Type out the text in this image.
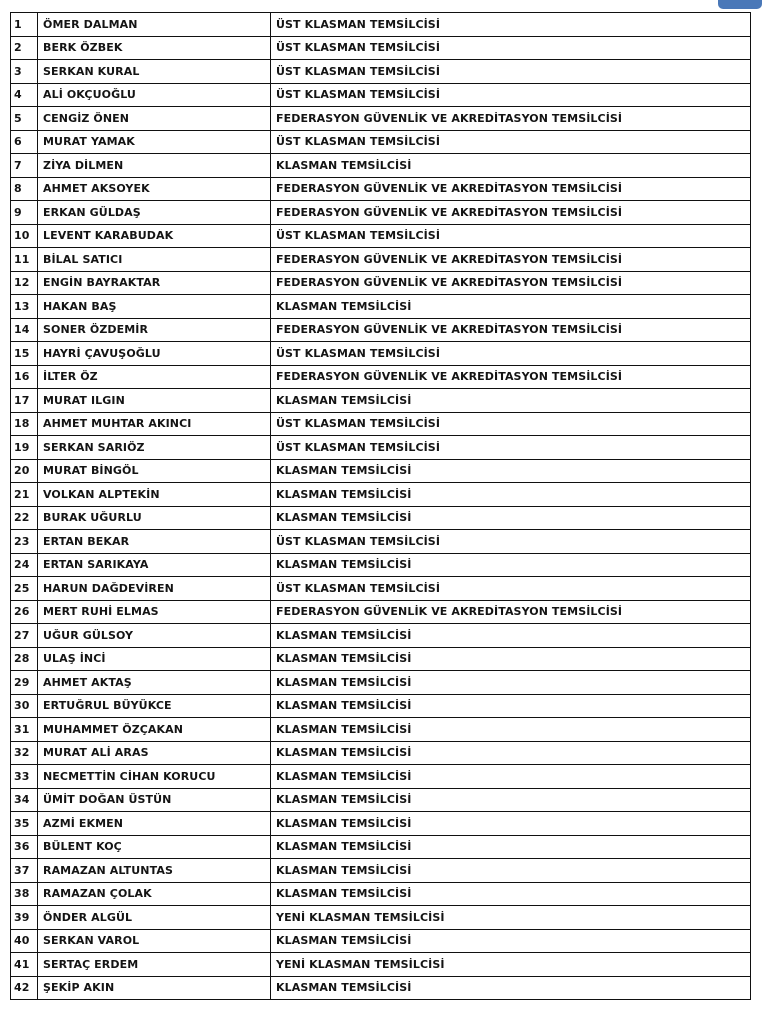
1	ÖMER DALMAN	ÜST KLASMAN TEMSİLCİSİ
2	BERK ÖZBEK	ÜST KLASMAN TEMSİLCİSİ
3	SERKAN KURAL	ÜST KLASMAN TEMSİLCİSİ
4	ALİ OKÇUOĞLU	ÜST KLASMAN TEMSİLCİSİ
5	CENGİZ ÖNEN	FEDERASYON GÜVENLİK VE AKREDİTASYON TEMSİLCİSİ
6	MURAT YAMAK	ÜST KLASMAN TEMSİLCİSİ
7	ZİYA DİLMEN	KLASMAN TEMSİLCİSİ
8	AHMET AKSOYEK	FEDERASYON GÜVENLİK VE AKREDİTASYON TEMSİLCİSİ
9	ERKAN GÜLDAŞ	FEDERASYON GÜVENLİK VE AKREDİTASYON TEMSİLCİSİ
10	LEVENT KARABUDAK	ÜST KLASMAN TEMSİLCİSİ
11	BİLAL SATICI	FEDERASYON GÜVENLİK VE AKREDİTASYON TEMSİLCİSİ
12	ENGİN BAYRAKTAR	FEDERASYON GÜVENLİK VE AKREDİTASYON TEMSİLCİSİ
13	HAKAN BAŞ	KLASMAN TEMSİLCİSİ
14	SONER ÖZDEMİR	FEDERASYON GÜVENLİK VE AKREDİTASYON TEMSİLCİSİ
15	HAYRİ ÇAVUŞOĞLU	ÜST KLASMAN TEMSİLCİSİ
16	İLTER ÖZ	FEDERASYON GÜVENLİK VE AKREDİTASYON TEMSİLCİSİ
17	MURAT ILGIN	KLASMAN TEMSİLCİSİ
18	AHMET MUHTAR AKINCI	ÜST KLASMAN TEMSİLCİSİ
19	SERKAN SARIÖZ	ÜST KLASMAN TEMSİLCİSİ
20	MURAT BİNGÖL	KLASMAN TEMSİLCİSİ
21	VOLKAN ALPTEKİN	KLASMAN TEMSİLCİSİ
22	BURAK UĞURLU	KLASMAN TEMSİLCİSİ
23	ERTAN BEKAR	ÜST KLASMAN TEMSİLCİSİ
24	ERTAN SARIKAYA	KLASMAN TEMSİLCİSİ
25	HARUN DAĞDEVİREN	ÜST KLASMAN TEMSİLCİSİ
26	MERT RUHİ ELMAS	FEDERASYON GÜVENLİK VE AKREDİTASYON TEMSİLCİSİ
27	UĞUR GÜLSOY	KLASMAN TEMSİLCİSİ
28	ULAŞ İNCİ	KLASMAN TEMSİLCİSİ
29	AHMET AKTAŞ	KLASMAN TEMSİLCİSİ
30	ERTUĞRUL BÜYÜKCE	KLASMAN TEMSİLCİSİ
31	MUHAMMET ÖZÇAKAN	KLASMAN TEMSİLCİSİ
32	MURAT ALİ ARAS	KLASMAN TEMSİLCİSİ
33	NECMETTİN CİHAN KORUCU	KLASMAN TEMSİLCİSİ
34	ÜMİT DOĞAN ÜSTÜN	KLASMAN TEMSİLCİSİ
35	AZMİ EKMEN	KLASMAN TEMSİLCİSİ
36	BÜLENT KOÇ	KLASMAN TEMSİLCİSİ
37	RAMAZAN ALTUNTAS	KLASMAN TEMSİLCİSİ
38	RAMAZAN ÇOLAK	KLASMAN TEMSİLCİSİ
39	ÖNDER ALGÜL	YENİ KLASMAN TEMSİLCİSİ
40	SERKAN VAROL	KLASMAN TEMSİLCİSİ
41	SERTAÇ ERDEM	YENİ KLASMAN TEMSİLCİSİ
42	ŞEKİP AKIN	KLASMAN TEMSİLCİSİ
